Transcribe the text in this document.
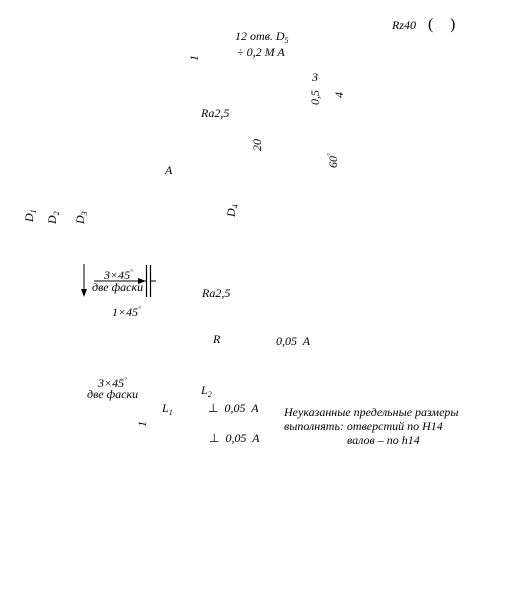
Rz40 ( )
12 отв. $D_5$
÷ 0,2 M A
1
3
0,5 4
Ra2,5
20
60°
A
$D_1$
$D_2$
$D_3$	$D_4$
3×45°
две фаски	Ra2,5
1×45°
R	0,05 A
3×45°
две фаски	$L_2$
$L_1$	⊥ 0,05 A
1
⊥ 0,05 A
Неуказанные предельные размеры
выполнять: отверстий по H14
валов – по h14
